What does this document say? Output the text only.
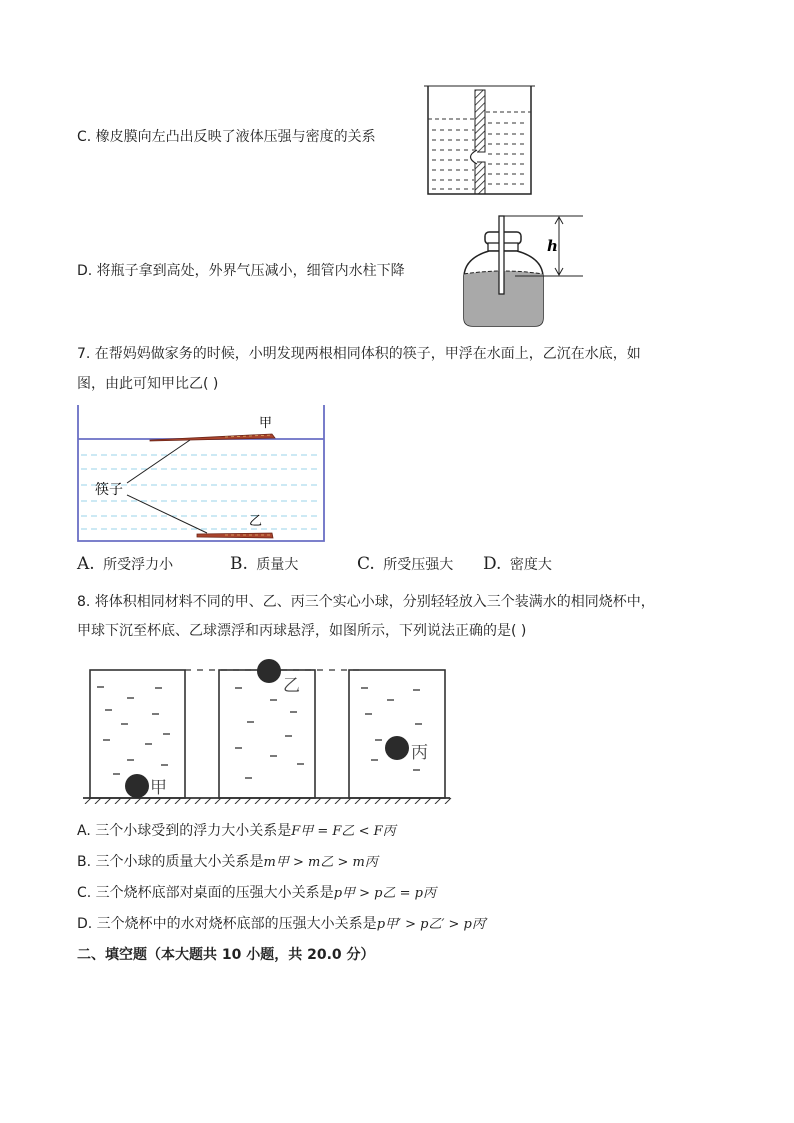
C. 橡皮膜向左凸出反映了液体压强与密度的关系
D. 将瓶子拿到高处，外界气压减小，细管内水柱下降
h
7. 在帮妈妈做家务的时候，小明发现两根相同体积的筷子，甲浮在水面上，乙沉在水底，如
图，由此可知甲比乙( )
甲
乙
筷子
A. 所受浮力小	B. 质量大	C. 所受压强大 D. 密度大
8. 将体积相同材料不同的甲、乙、丙三个实心小球，分别轻轻放入三个装满水的相同烧杯中，
甲球下沉至杯底、乙球漂浮和丙球悬浮，如图所示，下列说法正确的是( )
甲
乙
丙
A. 三个小球受到的浮力大小关系是F甲 = F乙 < F丙
B. 三个小球的质量大小关系是m甲 > m乙 > m丙
C. 三个烧杯底部对桌面的压强大小关系是p甲 > p乙 = p丙
D. 三个烧杯中的水对烧杯底部的压强大小关系是p甲′ > p乙′ > p丙′
二、填空题（本大题共 10 小题，共 20.0 分）
